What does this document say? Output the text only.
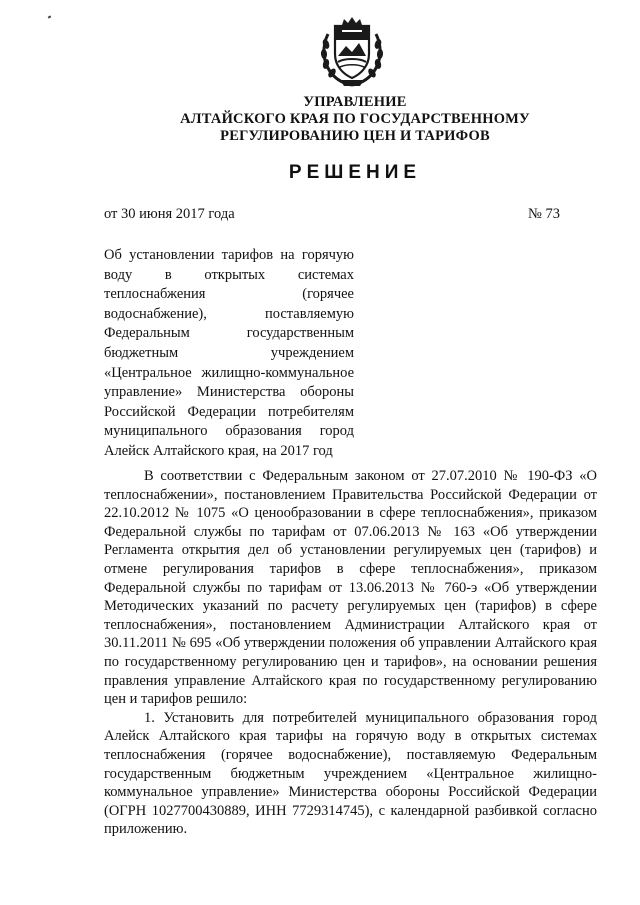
УПРАВЛЕНИЕ
АЛТАЙСКОГО КРАЯ ПО ГОСУДАРСТВЕННОМУ
РЕГУЛИРОВАНИЮ ЦЕН И ТАРИФОВ
РЕШЕНИЕ
от 30 июня 2017 года	№ 73
Об установлении тарифов на горячую воду в открытых системах теплоснабжения (горячее водоснабжение), поставляемую Федеральным государственным бюджетным учреждением «Центральное жилищно-коммунальное управление» Министерства обороны Российской Федерации потребителям муниципального образования город Алейск Алтайского края, на 2017 год

В соответствии с Федеральным законом от 27.07.2010 № 190-ФЗ «О теплоснабжении», постановлением Правительства Российской Федерации от 22.10.2012 № 1075 «О ценообразовании в сфере теплоснабжения», приказом Федеральной службы по тарифам от 07.06.2013 № 163 «Об утверждении Регламента открытия дел об установлении регулируемых цен (тарифов) и отмене регулирования тарифов в сфере теплоснабжения», приказом Федеральной службы по тарифам от 13.06.2013 № 760-э «Об утверждении Методических указаний по расчету регулируемых цен (тарифов) в сфере теплоснабжения», постановлением Администрации Алтайского края от 30.11.2011 № 695 «Об утверждении положения об управлении Алтайского края по государственному регулированию цен и тарифов», на основании решения правления управление Алтайского края по государственному регулированию цен и тарифов решило:

1. Установить для потребителей муниципального образования город Алейск Алтайского края тарифы на горячую воду в открытых системах теплоснабжения (горячее водоснабжение), поставляемую Федеральным государственным бюджетным учреждением «Центральное жилищно-коммунальное управление» Министерства обороны Российской Федерации (ОГРН 1027700430889, ИНН 7729314745), с календарной разбивкой согласно приложению.
